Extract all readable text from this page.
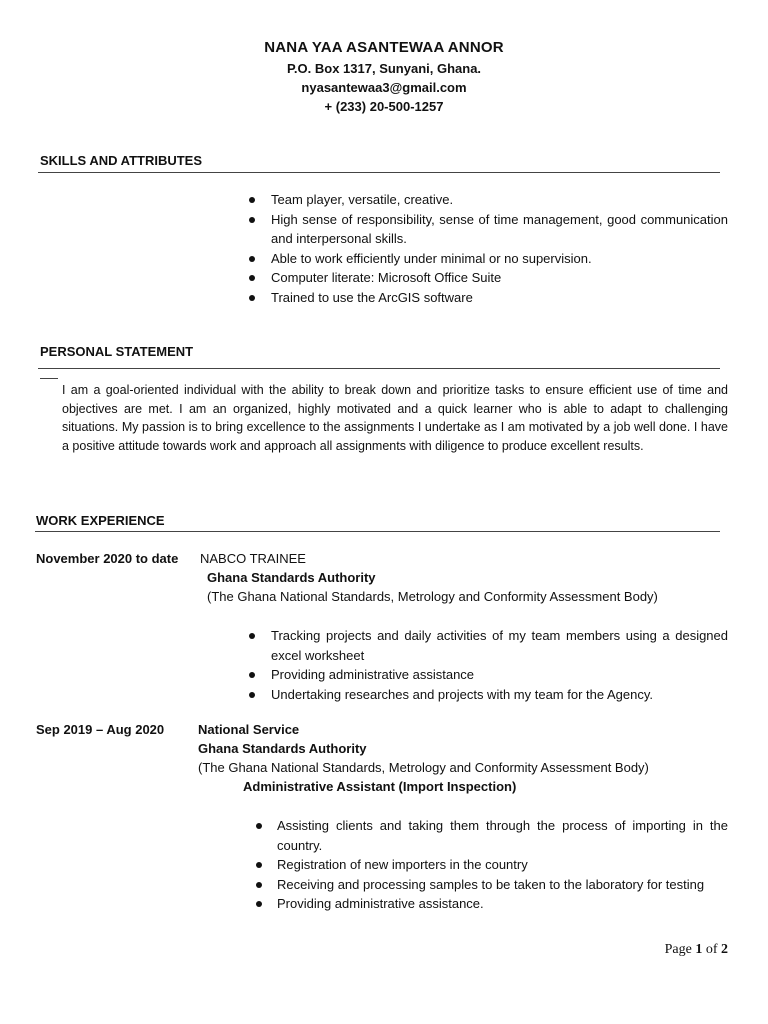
NANA YAA ASANTEWAA ANNOR
P.O. Box 1317, Sunyani, Ghana.
nyasantewaa3@gmail.com
+ (233) 20-500-1257
SKILLS AND ATTRIBUTES
Team player, versatile, creative.
High sense of responsibility, sense of time management, good communication and interpersonal skills.
Able to work efficiently under minimal or no supervision.
Computer literate: Microsoft Office Suite
Trained to use the ArcGIS software
PERSONAL STATEMENT
I am a goal-oriented individual with the ability to break down and prioritize tasks to ensure efficient use of time and objectives are met. I am an organized, highly motivated and a quick learner who is able to adapt to challenging situations. My passion is to bring excellence to the assignments I undertake as I am motivated by a job well done. I have a positive attitude towards work and approach all assignments with diligence to produce excellent results.
WORK EXPERIENCE
November 2020 to date NABCO TRAINEE
Ghana Standards Authority
(The Ghana National Standards, Metrology and Conformity Assessment Body)
Tracking projects and daily activities of my team members using a designed excel worksheet
Providing administrative assistance
Undertaking researches and projects with my team for the Agency.
Sep 2019 – Aug 2020	National Service
Ghana Standards Authority
(The Ghana National Standards, Metrology and Conformity Assessment Body)
Administrative Assistant (Import Inspection)
Assisting clients and taking them through the process of importing in the country.
Registration of new importers in the country
Receiving and processing samples to be taken to the laboratory for testing
Providing administrative assistance.
Page 1 of 2
